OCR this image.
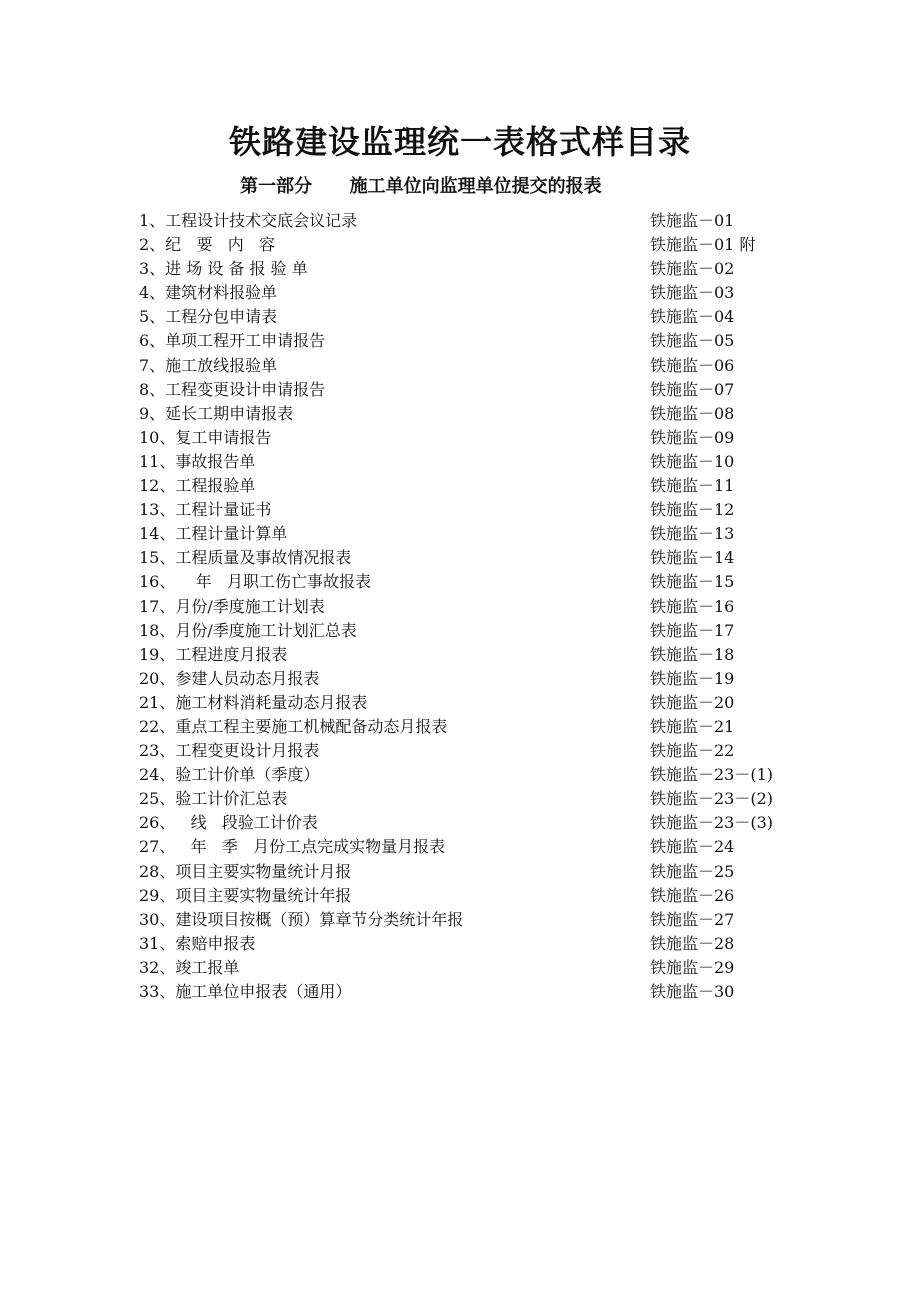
铁路建设监理统一表格式样目录
第一部分      施工单位向监理单位提交的报表
1、工程设计技术交底会议记录	铁施监－01
2、纪   要   内   容	铁施监－01 附
3、进 场 设 备 报 验 单	铁施监－02
4、建筑材料报验单	铁施监－03
5、工程分包申请表	铁施监－04
6、单项工程开工申请报告	铁施监－05
7、施工放线报验单	铁施监－06
8、工程变更设计申请报告	铁施监－07
9、延长工期申请报表	铁施监－08
10、复工申请报告	铁施监－09
11、事故报告单	铁施监－10
12、工程报验单	铁施监－11
13、工程计量证书	铁施监－12
14、工程计量计算单	铁施监－13
15、工程质量及事故情况报表	铁施监－14
16、    年   月职工伤亡事故报表	铁施监－15
17、月份/季度施工计划表	铁施监－16
18、月份/季度施工计划汇总表	铁施监－17
19、工程进度月报表	铁施监－18
20、参建人员动态月报表	铁施监－19
21、施工材料消耗量动态月报表	铁施监－20
22、重点工程主要施工机械配备动态月报表	铁施监－21
23、工程变更设计月报表	铁施监－22
24、验工计价单（季度）	铁施监－23－(1)
25、验工计价汇总表	铁施监－23－(2)
26、   线   段验工计价表	铁施监－23－(3)
27、   年   季   月份工点完成实物量月报表	铁施监－24
28、项目主要实物量统计月报	铁施监－25
29、项目主要实物量统计年报	铁施监－26
30、建设项目按概（预）算章节分类统计年报	铁施监－27
31、索赔申报表	铁施监－28
32、竣工报单	铁施监－29
33、施工单位申报表（通用）	铁施监－30
